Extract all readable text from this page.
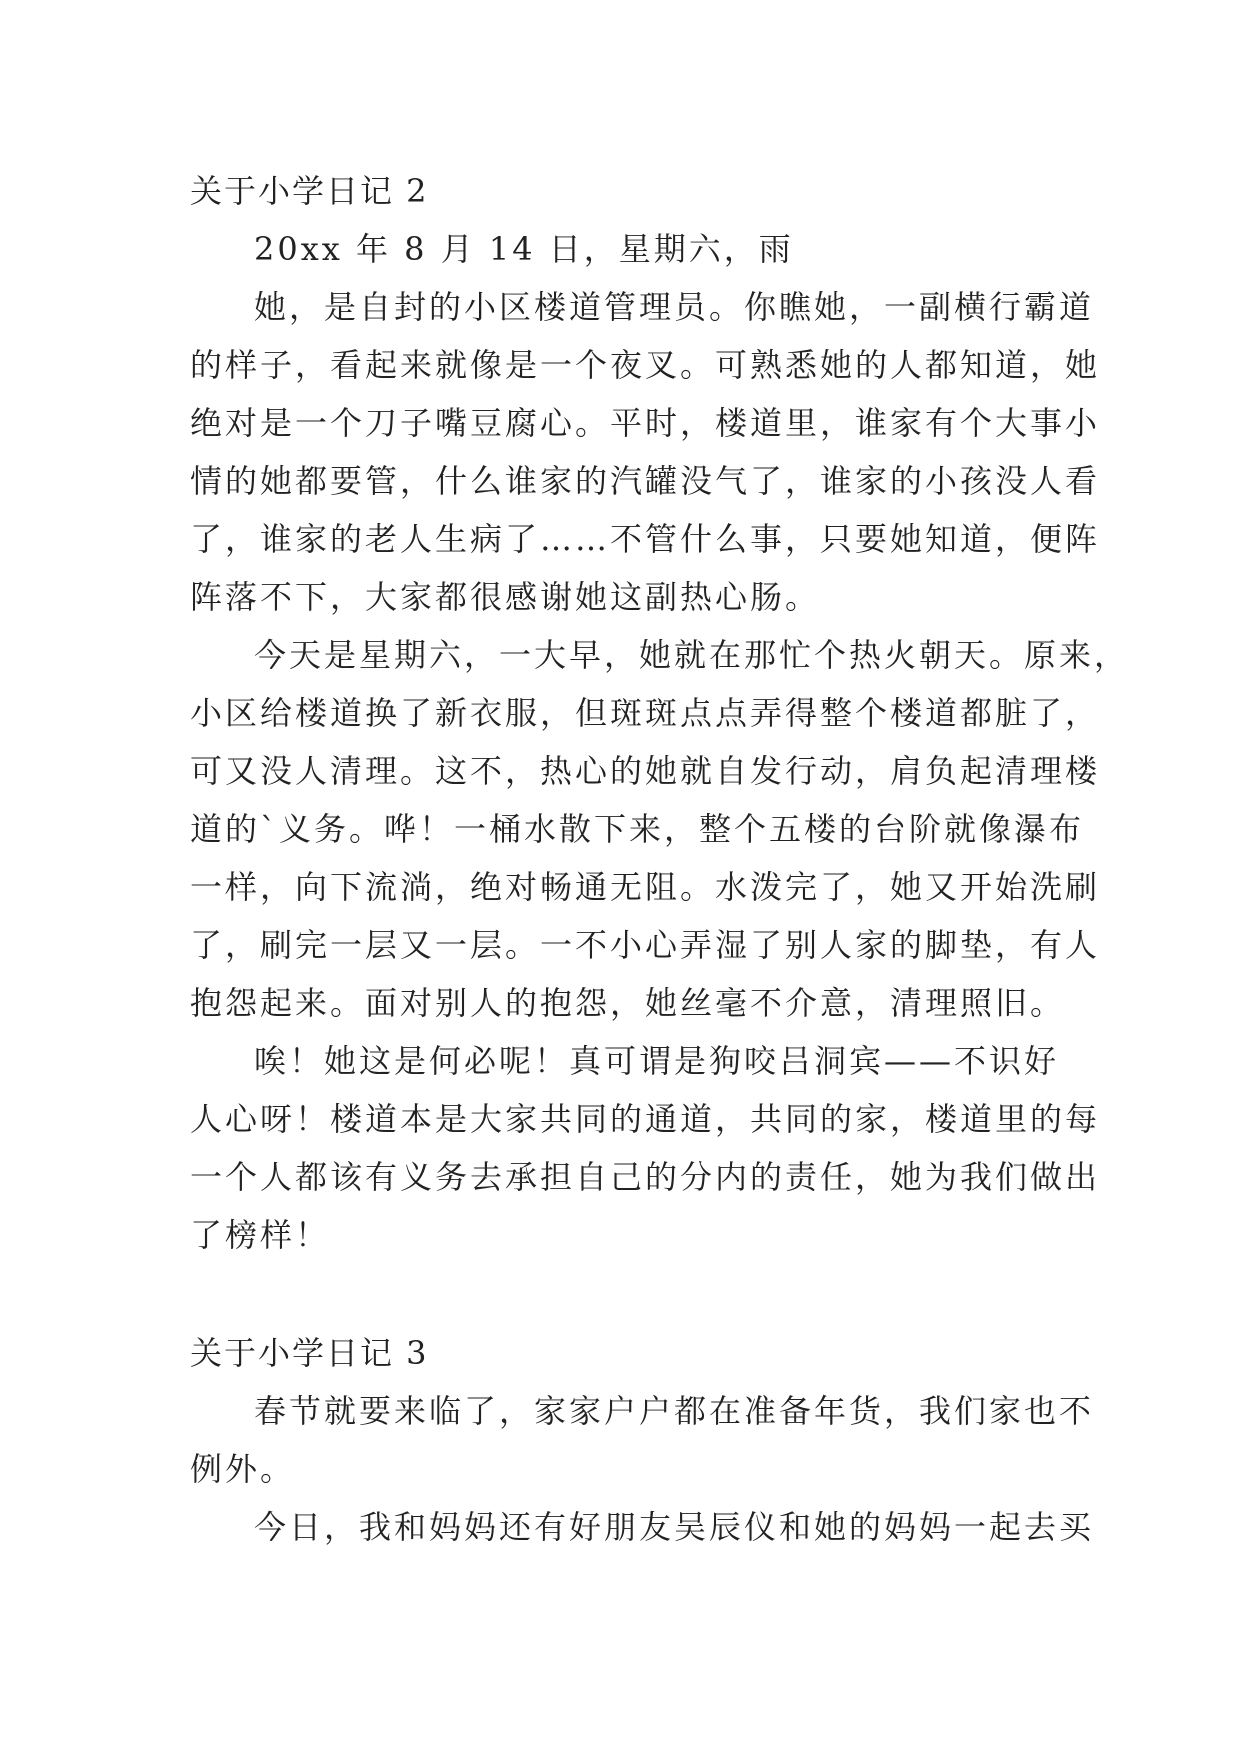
关于小学日记 2
20xx 年 8 月 14 日，星期六，雨
她，是自封的小区楼道管理员。你瞧她，一副横行霸道
的样子，看起来就像是一个夜叉。可熟悉她的人都知道，她
绝对是一个刀子嘴豆腐心。平时，楼道里，谁家有个大事小
情的她都要管，什么谁家的汽罐没气了，谁家的小孩没人看
了，谁家的老人生病了……不管什么事，只要她知道，便阵
阵落不下，大家都很感谢她这副热心肠。
今天是星期六，一大早，她就在那忙个热火朝天。原来，
小区给楼道换了新衣服，但斑斑点点弄得整个楼道都脏了，
可又没人清理。这不，热心的她就自发行动，肩负起清理楼
道的`义务。哗！一桶水散下来，整个五楼的台阶就像瀑布
一样，向下流淌，绝对畅通无阻。水泼完了，她又开始洗刷
了，刷完一层又一层。一不小心弄湿了别人家的脚垫，有人
抱怨起来。面对别人的抱怨，她丝毫不介意，清理照旧。
唉！她这是何必呢！真可谓是狗咬吕洞宾——不识好
人心呀！楼道本是大家共同的通道，共同的家，楼道里的每
一个人都该有义务去承担自己的分内的责任，她为我们做出
了榜样！
关于小学日记 3
春节就要来临了，家家户户都在准备年货，我们家也不
例外。
今日，我和妈妈还有好朋友吴辰仪和她的妈妈一起去买
